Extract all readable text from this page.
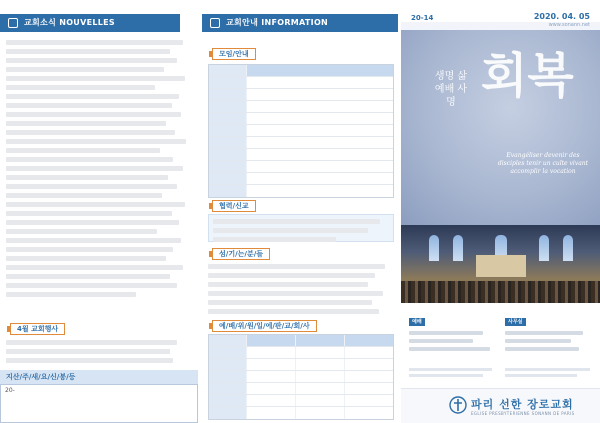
교회소식 NOUVELLES
4월 교회행사
지산/주/새/요/신/봉/등
20-
교회안내 INFORMATION
모임/안내
협력/신교
섬/기/는/분/들
예/배/위/원/일/에/판/교/회/사
20-14	2020. 04. 05
www.sonann.net
생명 삶 예배 사명 회복
Evangéliser devenir des disciples tenir un culte vivant accomplir la vocation
예배	사무실
파리 선한 장로교회
EGLISE PRESBYTERIENNE SONANN DE PARIS
